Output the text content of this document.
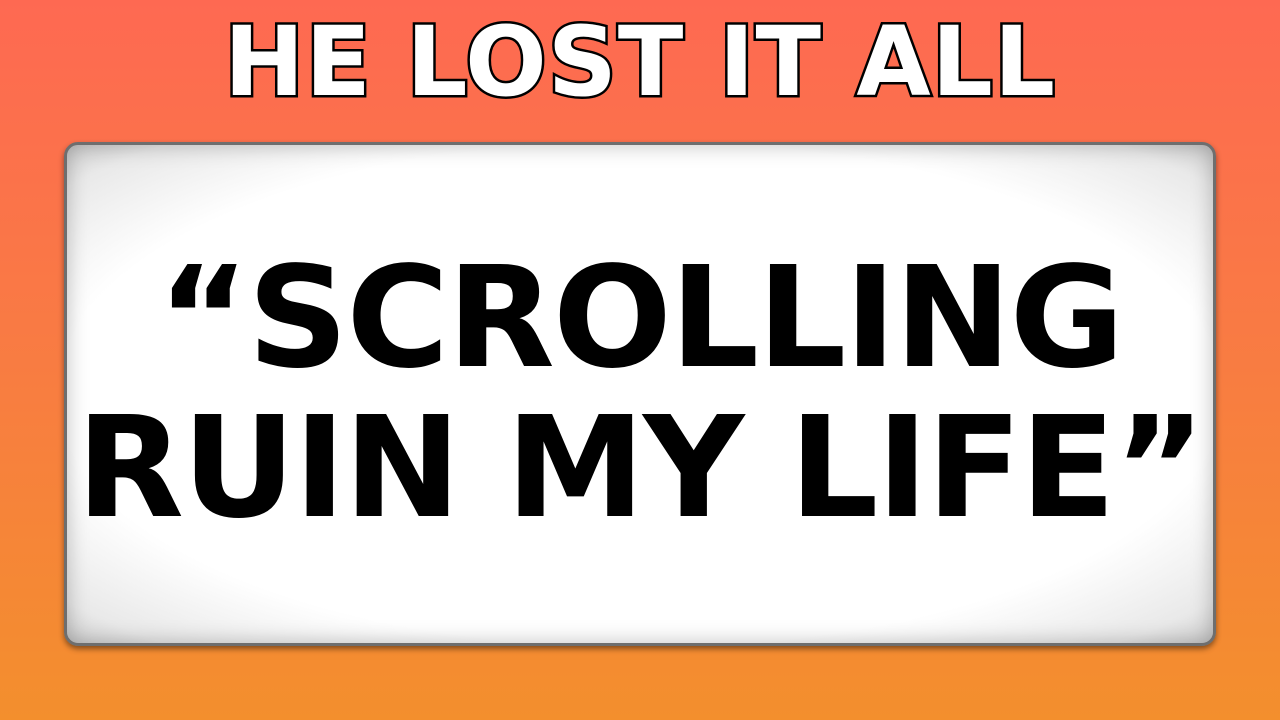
HE LOST IT ALL

“SCROLLING
RUIN MY LIFE”
